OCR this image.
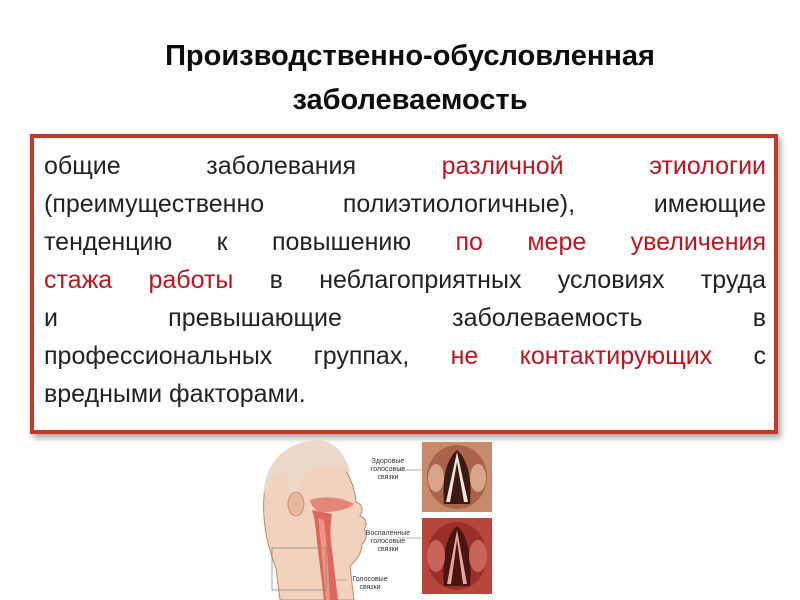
Производственно-обусловленная
заболеваемость
общие	заболевания	различной	этиологии
(преимущественно	полиэтиологичные),	имеющие
тенденцию к повышению по мере увеличения
стажа работы в неблагоприятных условиях труда
и	превышающие	заболеваемость	в
профессиональных группах, не контактирующих с
вредными факторами.
Здоровые
голосовые
связки
Воспаленные
голосовые
связки
Голосовые
связки
